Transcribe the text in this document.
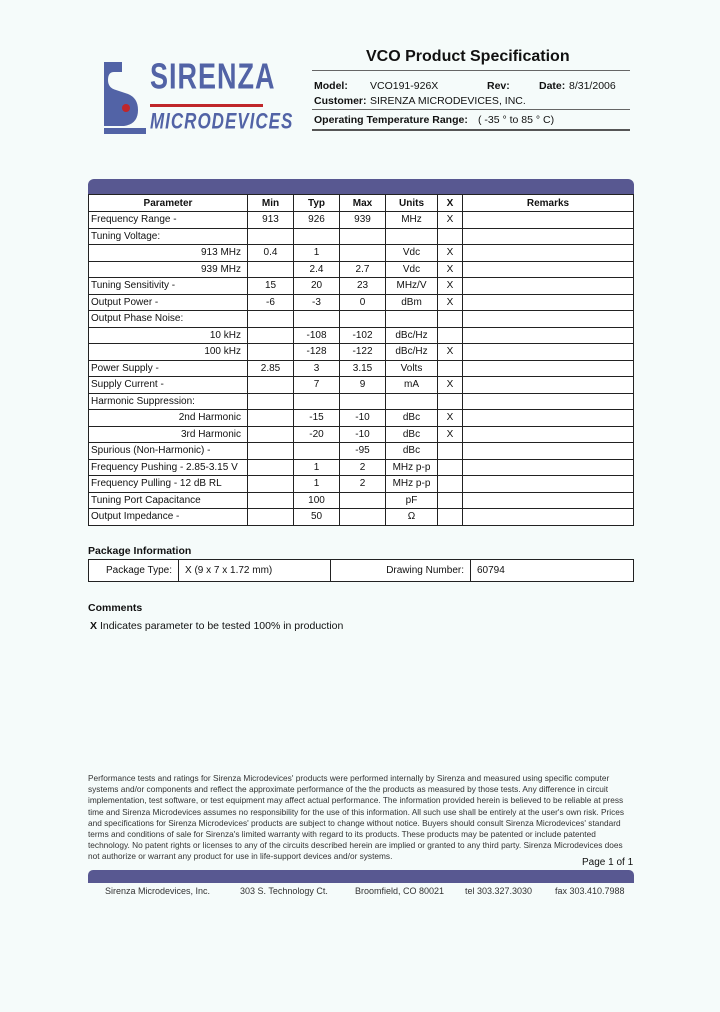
SIRENZA
MICRODEVICES
VCO Product Specification
Model: VCO191-926X	Rev:	Date: 8/31/2006
Customer: SIRENZA MICRODEVICES, INC.
Operating Temperature Range: ( -35 ° to 85 ° C)
Parameter	Min	Typ	Max	Units	X	Remarks
Frequency Range -	913	926	939	MHz	X	
Tuning Voltage:						
913 MHz	0.4	1		Vdc	X	
939 MHz		2.4	2.7	Vdc	X	
Tuning Sensitivity -	15	20	23	MHz/V	X	
Output Power -	-6	-3	0	dBm	X	
Output Phase Noise:						
10 kHz		-108	-102	dBc/Hz		
100 kHz		-128	-122	dBc/Hz	X	
Power Supply -	2.85	3	3.15	Volts		
Supply Current -		7	9	mA	X	
Harmonic Suppression:						
2nd Harmonic		-15	-10	dBc	X	
3rd Harmonic		-20	-10	dBc	X	
Spurious (Non-Harmonic) -			-95	dBc		
Frequency Pushing - 2.85-3.15 V		1	2	MHz p-p		
Frequency Pulling - 12 dB RL		1	2	MHz p-p		
Tuning Port Capacitance		100		pF		
Output Impedance -		50		Ω		
Package Information
Package Type:	X (9 x 7 x 1.72 mm)	Drawing Number:	60794
Comments
X Indicates parameter to be tested 100% in production
Performance tests and ratings for Sirenza Microdevices' products were performed internally by Sirenza and measured using specific computer systems and/or components and reflect the approximate performance of the the products as measured by those tests. Any difference in circuit implementation, test software, or test equipment may affect actual performance. The information provided herein is believed to be reliable at press time and Sirenza Microdevices assumes no responsibility for the use of this information. All such use shall be entirely at the user's own risk. Prices and specifications for Sirenza Microdevices' products are subject to change without notice. Buyers should consult Sirenza Microdevices' standard terms and conditions of sale for Sirenza's limited warranty with regard to its products. These products may be patented or include patented technology. No patent rights or licenses to any of the circuits described herein are implied or granted to any third party. Sirenza Microdevices does not authorize or warrant any product for use in life-support devices and/or systems.
Page 1 of 1
Sirenza Microdevices, Inc.	303 S. Technology Ct.	Broomfield, CO 80021 tel 303.327.3030	fax 303.410.7988
